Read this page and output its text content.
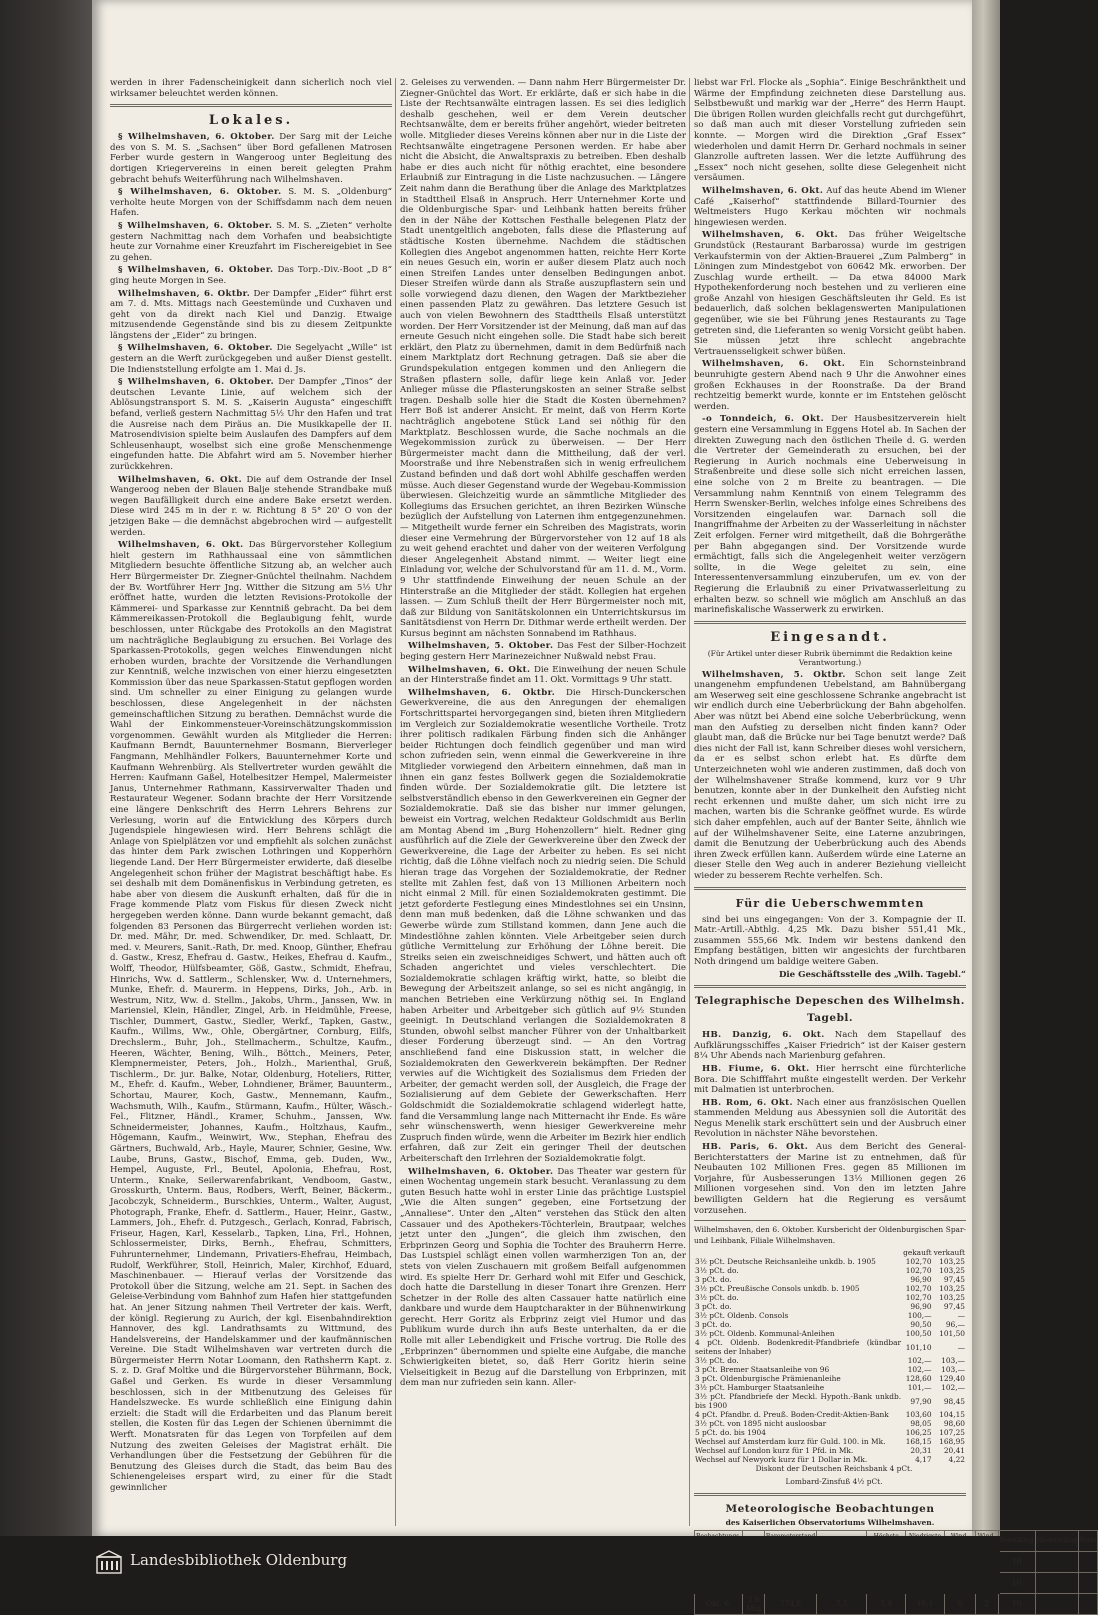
werden in ihrer Fadenscheinigkeit dann sicherlich noch viel wirksamer beleuchtet werden können.

Lokales.

§ Wilhelmshaven, 6. Oktober. Der Sarg mit der Leiche des von S. M. S. „Sachsen“ über Bord gefallenen Matrosen Ferber wurde gestern in Wangeroog unter Begleitung des dortigen Kriegervereins in einen bereit gelegten Prahm gebracht behufs Weiterführung nach Wilhelmshaven.

§ Wilhelmshaven, 6. Oktober. S. M. S. „Oldenburg“ verholte heute Morgen von der Schiffsdamm nach dem neuen Hafen.

§ Wilhelmshaven, 6. Oktober. S. M. S. „Zieten“ verholte gestern Nachmittag nach dem Vorhafen und beabsichtigte heute zur Vornahme einer Kreuzfahrt im Fischereigebiet in See zu gehen.

§ Wilhelmshaven, 6. Oktober. Das Torp.-Div.-Boot „D 8“ ging heute Morgen in See.

Wilhelmshaven, 6. Oktbr. Der Dampfer „Eider“ führt erst am 7. d. Mts. Mittags nach Geestemünde und Cuxhaven und geht von da direkt nach Kiel und Danzig. Etwaige mitzusendende Gegenstände sind bis zu diesem Zeitpunkte längstens der „Eider“ zu bringen.

§ Wilhelmshaven, 6. Oktober. Die Segelyacht „Wille“ ist gestern an die Werft zurückgegeben und außer Dienst gestellt. Die Indienststellung erfolgte am 1. Mai d. Js.

§ Wilhelmshaven, 6. Oktober. Der Dampfer „Tinos“ der deutschen Levante Linie, auf welchem sich der Ablösungstransport S. M. S. „Kaiserin Augusta“ eingeschifft befand, verließ gestern Nachmittag 5½ Uhr den Hafen und trat die Ausreise nach dem Piräus an. Die Musikkapelle der II. Matrosendivision spielte beim Auslaufen des Dampfers auf dem Schleusenhaupt, woselbst sich eine große Menschenmenge eingefunden hatte. Die Abfahrt wird am 5. November hierher zurückkehren.

Wilhelmshaven, 6. Okt. Die auf dem Ostrande der Insel Wangeroog neben der Blauen Balje stehende Strandbake muß wegen Baufälligkeit durch eine andere Bake ersetzt werden. Diese wird 245 m in der r. w. Richtung 8 5° 20' O von der jetzigen Bake — die demnächst abgebrochen wird — aufgestellt werden.

Wilhelmshaven, 6. Okt. Das Bürgervorsteher Kollegium hielt gestern im Rathhaussaal eine von sämmtlichen Mitgliedern besuchte öffentliche Sitzung ab, an welcher auch Herr Bürgermeister Dr. Ziegner-Gnüchtel theilnahm. Nachdem der Bv. Wortführer Herr Jng. Witther die Sitzung am 5½ Uhr eröffnet hatte, wurden die letzten Revisions-Protokolle der Kämmerei- und Sparkasse zur Kenntniß gebracht. Da bei dem Kämmereikassen-Protokoll die Beglaubigung fehlt, wurde beschlossen, unter Rückgabe des Protokolls an den Magistrat um nachträgliche Beglaubigung zu ersuchen. Bei Vorlage des Sparkassen-Protokolls, gegen welches Einwendungen nicht erhoben wurden, brachte der Vorsitzende die Verhandlungen zur Kenntniß, welche inzwischen von einer hierzu eingesetzten Kommission über das neue Sparkassen-Statut gepflogen worden sind. Um schneller zu einer Einigung zu gelangen wurde beschlossen, diese Angelegenheit in der nächsten gemeinschaftlichen Sitzung zu berathen. Demnächst wurde die Wahl der Einkommensteuer-Voreinschätzungskommission vorgenommen. Gewählt wurden als Mitglieder die Herren: Kaufmann Berndt, Bauunternehmer Bosmann, Bierverleger Fangmann, Mehlhändler Folkers, Bauunternehmer Korte und Kaufmann Wehrenbürg. Als Stellvertreter wurden gewählt die Herren: Kaufmann Gaßel, Hotelbesitzer Hempel, Malermeister Janus, Unternehmer Rathmann, Kassirverwalter Thaden und Restaurateur Wegener. Sodann brachte der Herr Vorsitzende eine längere Denkschrift des Herrn Lehrers Behrens zur Verlesung, worin auf die Entwicklung des Körpers durch Jugendspiele hingewiesen wird. Herr Behrens schlägt die Anlage von Spielplätzen vor und empfiehlt als solchen zunächst das hinter dem Park zwischen Lothringen und Kopperhörn liegende Land. Der Herr Bürgermeister erwiderte, daß dieselbe Angelegenheit schon früher der Magistrat beschäftigt habe. Es sei deshalb mit dem Domänenfiskus in Verbindung getreten, es habe aber von diesem die Auskunft erhalten, daß für die in Frage kommende Platz vom Fiskus für diesen Zweck nicht hergegeben werden könne. Dann wurde bekannt gemacht, daß folgenden 83 Personen das Bürgerrecht verliehen worden ist: Dr. med. Mähr, Dr. med. Schwendiker, Dr. med. Schlaatt, Dr. med. v. Meurers, Sanit.-Rath, Dr. med. Knoop, Günther, Ehefrau d. Gastw., Kresz, Ehefrau d. Gastw., Heikes, Ehefrau d. Kaufm., Wolff, Theodor, Hülfsbeamter, Göß, Gastw., Schmidt, Ehefrau, Hinrichs, Ww. d. Sattlerm., Schlensker, Ww. d. Unternehmers, Munke, Ehefr. d. Maurerm. in Heppens, Dirks, Joh., Arb. in Westrum, Nitz, Ww. d. Stellm., Jakobs, Uhrm., Janssen, Ww. in Mariensiel, Klein, Händler, Zingel, Arb. in Heidmühle, Freese, Tischler, Dummert, Gastw., Siedler, Werkf., Tapken, Gastw., Kaufm., Willms, Ww., Ohle, Obergärtner, Cornburg, Eilfs, Drechslerm., Buhr, Joh., Stellmacherm., Schultze, Kaufm., Heeren, Wächter, Bening, Wilh., Böttch., Meiners, Peter, Klempnermeister, Peters, Joh., Holzh., Marienthal, Gruß, Tischlerm., Dr. jur. Balke, Notar, Oldenburg, Hoteliers, Ritter, M., Ehefr. d. Kaufm., Weber, Lohndiener, Brämer, Bauunterm., Schortau, Maurer, Koch, Gastw., Mennemann, Kaufm., Wachsmuth, Wilh., Kaufm., Stürmann, Kaufm., Hülter, Wäsch.-Fel., Flitzner, Händl., Kramer, Schuhm., Janssen, Ww. Schneidermeister, Johannes, Kaufm., Holtzhaus, Kaufm., Högemann, Kaufm., Weinwirt, Ww., Stephan, Ehefrau des Gärtners, Buchwald, Arb., Hayle, Maurer, Schnier, Gesine, Ww. Laube, Bruns, Gastw., Bischof, Emma, geb. Duden, Ww., Hempel, Auguste, Frl., Beutel, Apolonia, Ehefrau, Rost, Unterm., Knake, Seilerwarenfabrikant, Vendboom, Gastw., Grosskurth, Unterm. Baus, Rodbers, Werft, Beiner, Bäckerm., Jacobczyk, Schneiderm., Burschkies, Unterm., Walter, August, Photograph, Franke, Ehefr. d. Sattlerm., Hauer, Heinr., Gastw., Lammers, Joh., Ehefr. d. Putzgesch., Gerlach, Konrad, Fabrisch, Friseur, Hagen, Karl, Kesselarb., Tapken, Lina, Frl., Hohnen, Schlossermeister, Dirks, Bernh., Ehefrau, Schmitters, Fuhrunternehmer, Lindemann, Privatiers-Ehefrau, Heimbach, Rudolf, Werkführer, Stoll, Heinrich, Maler, Kirchhof, Eduard, Maschinenbauer. — Hierauf verlas der Vorsitzende das Protokoll über die Sitzung, welche am 21. Sept. in Sachen des Geleise-Verbindung vom Bahnhof zum Hafen hier stattgefunden hat. An jener Sitzung nahmen Theil Vertreter der kais. Werft, der königl. Regierung zu Aurich, der kgl. Eisenbahndirektion Hannover, des kgl. Landrathsamts zu Wittmund, des Handelsvereins, der Handelskammer und der kaufmännischen Vereine. Die Stadt Wilhelmshaven war vertreten durch die Bürgermeister Herrn Notar Loomann, den Rathsherrn Kapt. z. S. z. D. Graf Moltke und die Bürgervorsteher Bührmann, Bock, Gaßel und Gerken. Es wurde in dieser Versammlung beschlossen, sich in der Mitbenutzung des Geleises für Handelszwecke. Es wurde schließlich eine Einigung dahin erzielt: die Stadt will die Erdarbeiten und das Planum bereit stellen, die Kosten für das Legen der Schienen übernimmt die Werft. Monatsraten für das Legen von Torpfeilen auf dem Nutzung des zweiten Geleises der Magistrat erhält. Die Verhandlungen über die Festsetzung der Gebühren für die Benutzung des Gleises durch die Stadt, das beim Bau des Schienengeleises erspart wird, zu einer für die Stadt gewinnlicher

2. Geleises zu verwenden. — Dann nahm Herr Bürgermeister Dr. Ziegner-Gnüchtel das Wort. Er erklärte, daß er sich habe in die Liste der Rechtsanwälte eintragen lassen. Es sei dies lediglich deshalb geschehen, weil er dem Verein deutscher Rechtsanwälte, dem er bereits früher angehört, wieder beitreten wolle. Mitglieder dieses Vereins können aber nur in die Liste der Rechtsanwälte eingetragene Personen werden. Er habe aber nicht die Absicht, die Anwaltspraxis zu betreiben. Eben deshalb habe er dies auch nicht für nöthig erachtet, eine besondere Erlaubniß zur Eintragung in die Liste nachzusuchen. — Längere Zeit nahm dann die Berathung über die Anlage des Marktplatzes in Stadttheil Elsaß in Anspruch. Herr Unternehmer Korte und die Oldenburgische Spar- und Leihbank hatten bereits früher den in der Nähe der Kottschen Festhalle belegenen Platz der Stadt unentgeltlich angeboten, falls diese die Pflasterung auf städtische Kosten übernehme. Nachdem die städtischen Kollegien dies Angebot angenommen hatten, reichte Herr Korte ein neues Gesuch ein, worin er außer diesem Platz auch noch einen Streifen Landes unter denselben Bedingungen anbot. Dieser Streifen würde dann als Straße auszupflastern sein und solle vorwiegend dazu dienen, den Wagen der Marktbezieher einen passenden Platz zu gewähren. Das letztere Gesuch ist auch von vielen Bewohnern des Stadttheils Elsaß unterstützt worden. Der Herr Vorsitzender ist der Meinung, daß man auf das erneute Gesuch nicht eingehen solle. Die Stadt habe sich bereit erklärt, den Platz zu übernehmen, damit in dem Bedürfniß nach einem Marktplatz dort Rechnung getragen. Daß sie aber die Grundspekulation entgegen kommen und den Anliegern die Straßen pflastern solle, dafür liege kein Anlaß vor. Jeder Anlieger müsse die Pflasterungskosten an seiner Straße selbst tragen. Deshalb solle hier die Stadt die Kosten übernehmen? Herr Boß ist anderer Ansicht. Er meint, daß von Herrn Korte nachträglich angebotene Stück Land sei nöthig für den Marktplatz. Beschlossen wurde, die Sache nochmals an die Wegekommission zurück zu überweisen. — Der Herr Bürgermeister macht dann die Mittheilung, daß der verl. Moorstraße und ihre Nebenstraßen sich in wenig erfreulichem Zustand befinden und daß dort wohl Abhilfe geschaffen werden müsse. Auch dieser Gegenstand wurde der Wegebau-Kommission überwiesen. Gleichzeitig wurde an sämmtliche Mitglieder des Kollegiums das Ersuchen gerichtet, an ihren Bezirken Wünsche bezüglich der Aufstellung von Laternen ihm entgegenzunehmen. — Mitgetheilt wurde ferner ein Schreiben des Magistrats, worin dieser eine Vermehrung der Bürgervorsteher von 12 auf 18 als zu weit gehend erachtet und daher von der weiteren Verfolgung dieser Angelegenheit Abstand nimmt. — Weiter liegt eine Einladung vor, welche der Schulvorstand für am 11. d. M., Vorm. 9 Uhr stattfindende Einweihung der neuen Schule an der Hinterstraße an die Mitglieder der städt. Kollegien hat ergehen lassen. — Zum Schluß theilt der Herr Bürgermeister noch mit, daß zur Bildung von Sanitätskolonnen ein Unterrichtskursus im Sanitätsdienst von Herrn Dr. Dithmar werde ertheilt werden. Der Kursus beginnt am nächsten Sonnabend im Rathhaus.

Wilhelmshaven, 5. Oktober. Das Fest der Silber-Hochzeit beging gestern Herr Marinezeichner Nußwald nebst Frau.

Wilhelmshaven, 6. Okt. Die Einweihung der neuen Schule an der Hinterstraße findet am 11. Okt. Vormittags 9 Uhr statt.

Wilhelmshaven, 6. Oktbr. Die Hirsch-Dunckerschen Gewerkvereine, die aus den Anregungen der ehemaligen Fortschrittspartei hervorgegangen sind, bieten ihren Mitgliedern im Vergleich zur Sozialdemokratie wesentliche Vortheile. Trotz ihrer politisch radikalen Färbung finden sich die Anhänger beider Richtungen doch feindlich gegenüber und man wird schon zufrieden sein, wenn einmal die Gewerkvereine in ihre Mitglieder vorwiegend den Arbeitern einnehmen, daß man in ihnen ein ganz festes Bollwerk gegen die Sozialdemokratie finden würde. Der Sozialdemokratie gilt. Die letztere ist selbstverständlich ebenso in den Gewerkvereinen ein Gegner der Sozialdemokratie. Daß sie das bisher nur immer gelungen, beweist ein Vortrag, welchen Redakteur Goldschmidt aus Berlin am Montag Abend im „Burg Hohenzollern“ hielt. Redner ging ausführlich auf die Ziele der Gewerkvereine über den Zweck der Gewerkvereine, die Lage der Arbeiter zu heben. Es sei nicht richtig, daß die Löhne vielfach noch zu niedrig seien. Die Schuld hieran trage das Vorgehen der Sozialdemokratie, der Redner stellte mit Zahlen fest, daß von 13 Millionen Arbeitern noch nicht einmal 2 Mill. für einen Sozialdemokraten gestimmt. Die jetzt geforderte Festlegung eines Mindestlohnes sei ein Unsinn, denn man muß bedenken, daß die Löhne schwanken und das Gewerbe würde zum Stillstand kommen, dann Jene auch die Mindestlöhne zahlen könnten. Viele Arbeitgeber seien durch gütliche Vermittelung zur Erhöhung der Löhne bereit. Die Streiks seien ein zweischneidiges Schwert, und hätten auch oft Schaden angerichtet und vieles verschlechtert. Die Sozialdemokratie schlagen kräftig wirkt, hatte, so bleibt die Bewegung der Arbeitszeit anlange, so sei es nicht angängig, in manchen Betrieben eine Verkürzung nöthig sei. In England haben Arbeiter und Arbeitgeber sich gütlich auf 9½ Stunden geeinigt. In Deutschland verlangen die Sozialdemokraten 8 Stunden, obwohl selbst mancher Führer von der Unhaltbarkeit dieser Forderung überzeugt sind. — An den Vortrag anschließend fand eine Diskussion statt, in welcher die Sozialdemokraten den Gewerkverein bekämpften. Der Redner verwies auf die Wichtigkeit des Sozialismus dem Frieden der Arbeiter, der gemacht werden soll, der Ausgleich, die Frage der Sozialisierung auf dem Gebiete der Gewerkschaften. Herr Goldschmidt die Sozialdemokratie schlagend widerlegt hatte, fand die Versammlung lange nach Mitternacht ihr Ende. Es wäre sehr wünschenswerth, wenn hiesiger Gewerkvereine mehr Zuspruch finden würde, wenn die Arbeiter im Bezirk hier endlich erfahren, daß zur Zeit ein geringer Theil der deutschen Arbeiterschaft den Irrlehren der Sozialdemokratie folgt.

Wilhelmshaven, 6. Oktober. Das Theater war gestern für einen Wochentag ungemein stark besucht. Veranlassung zu dem guten Besuch hatte wohl in erster Linie das prächtige Lustspiel „Wie die Alten sungen“ gegeben, eine Fortsetzung der „Annaliese“. Unter den „Alten“ verstehen das Stück den alten Cassauer und des Apothekers-Töchterlein, Brautpaar, welches jetzt unter den „Jungen“, die gleich ihm zwischen, den Erbprinzen Georg und Sophia die Tochter des Brauherrn Herre. Das Lustspiel schlägt einen vollen warmherzigen Ton an, der stets von vielen Zuschauern mit großem Beifall aufgenommen wird. Es spielte Herr Dr. Gerhard wohl mit Eifer und Geschick, doch hatte die Darstellung in dieser Tonart ihre Grenzen. Herr Schetzer in der Rolle des alten Cassauer hatte natürlich eine dankbare und wurde dem Hauptcharakter in der Bühnenwirkung gerecht. Herr Goritz als Erbprinz zeigt viel Humor und das Publikum wurde durch ihn aufs Beste unterhalten, da er die Rolle mit aller Lebendigkeit und Frische vortrug. Die Rolle des „Erbprinzen“ übernommen und spielte eine Aufgabe, die manche Schwierigkeiten bietet, so, daß Herr Goritz hierin seine Vielseitigkeit in Bezug auf die Darstellung von Erbprinzen, mit dem man nur zufrieden sein kann. Aller-

liebst war Frl. Flocke als „Sophia“. Einige Beschränktheit und Wärme der Empfindung zeichneten diese Darstellung aus. Selbstbewußt und markig war der „Herre“ des Herrn Haupt. Die übrigen Rollen wurden gleichfalls recht gut durchgeführt, so daß man auch mit dieser Vorstellung zufrieden sein konnte. — Morgen wird die Direktion „Graf Essex“ wiederholen und damit Herrn Dr. Gerhard nochmals in seiner Glanzrolle auftreten lassen. Wer die letzte Aufführung des „Essex“ noch nicht gesehen, sollte diese Gelegenheit nicht versäumen.

Wilhelmshaven, 6. Okt. Auf das heute Abend im Wiener Café „Kaiserhof“ stattfindende Billard-Tournier des Weltmeisters Hugo Kerkau möchten wir nochmals hingewiesen werden.

Wilhelmshaven, 6. Okt. Das früher Weigeltsche Grundstück (Restaurant Barbarossa) wurde im gestrigen Verkaufstermin von der Aktien-Brauerei „Zum Palmberg“ in Löningen zum Mindestgebot von 60642 Mk. erworben. Der Zuschlag wurde ertheilt. — Da etwa 84000 Mark Hypothekenforderung noch bestehen und zu verlieren eine große Anzahl von hiesigen Geschäftsleuten ihr Geld. Es ist bedauerlich, daß solchen beklagenswerten Manipulationen gegenüber, wie sie bei Führung jenes Restaurants zu Tage getreten sind, die Lieferanten so wenig Vorsicht geübt haben. Sie müssen jetzt ihre schlecht angebrachte Vertrauensseligkeit schwer büßen.

Wilhelmshaven, 6. Okt. Ein Schornsteinbrand beunruhigte gestern Abend nach 9 Uhr die Anwohner eines großen Eckhauses in der Roonstraße. Da der Brand rechtzeitig bemerkt wurde, konnte er im Entstehen gelöscht werden.

-o Tonndeich, 6. Okt. Der Hausbesitzerverein hielt gestern eine Versammlung in Eggens Hotel ab. In Sachen der direkten Zuwegung nach den östlichen Theile d. G. werden die Vertreter der Gemeinderath zu ersuchen, bei der Regierung in Aurich nochmals eine Ueberweisung in Straßenbreite und diese solle sich nicht erreichen lassen, eine solche von 2 m Breite zu beantragen. — Die Versammlung nahm Kenntniß von einem Telegramm des Herrn Swensker-Berlin, welches infolge eines Schreibens des Vorsitzenden eingelaufen war. Darnach soll die Inangriffnahme der Arbeiten zu der Wasserleitung in nächster Zeit erfolgen. Ferner wird mitgetheilt, daß die Bohrgeräthe per Bahn abgegangen sind. Der Vorsitzende wurde ermächtigt, falls sich die Angelegenheit weiter verzögern sollte, in die Wege geleitet zu sein, eine Interessentenversammlung einzuberufen, um ev. von der Regierung die Erlaubniß zu einer Privatwasserleitung zu erhalten bezw. so schnell wie möglich am Anschluß an das marinefiskalische Wasserwerk zu erwirken.

Eingesandt.
(Für Artikel unter dieser Rubrik übernimmt die Redaktion keine Verantwortung.)

Wilhelmshaven, 5. Oktbr. Schon seit lange Zeit unangenehm empfundenen Uebelstand, am Bahnübergang am Weserweg seit eine geschlossene Schranke angebracht ist wir endlich durch eine Ueberbrückung der Bahn abgeholfen. Aber was nützt bei Abend eine solche Ueberbrückung, wenn man den Aufstieg zu derselben nicht finden kann? Oder glaubt man, daß die Brücke nur bei Tage benutzt werde? Daß dies nicht der Fall ist, kann Schreiber dieses wohl versichern, da er es selbst schon erlebt hat. Es dürfte dem Unterzeichneten wohl wie anderen zustimmen, daß doch von der Wilhelmshavener Straße kommend, kurz vor 9 Uhr benutzen, konnte aber in der Dunkelheit den Aufstieg nicht recht erkennen und mußte daher, um sich nicht irre zu machen, warten bis die Schranke geöffnet wurde. Es würde sich daher empfehlen, auch auf der Banter Seite, ähnlich wie auf der Wilhelmshavener Seite, eine Laterne anzubringen, damit die Benutzung der Ueberbrückung auch des Abends ihren Zweck erfüllen kann. Außerdem würde eine Laterne an dieser Stelle den Weg auch in anderer Beziehung vielleicht wieder zu besserem Rechte verhelfen. Sch.

Für die Ueberschwemmten

sind bei uns eingegangen: Von der 3. Kompagnie der II. Matr.-Artill.-Abthlg. 4,25 Mk. Dazu bisher 551,41 Mk., zusammen 555,66 Mk. Indem wir bestens dankend den Empfang bestätigen, bitten wir angesichts der furchtbaren Noth dringend um baldige weitere Gaben.

Die Geschäftsstelle des „Wilh. Tagebl.“

Telegraphische Depeschen des Wilhelmsh. Tagebl.

HB. Danzig, 6. Okt. Nach dem Stapellauf des Aufklärungsschiffes „Kaiser Friedrich“ ist der Kaiser gestern 8¼ Uhr Abends nach Marienburg gefahren.

HB. Fiume, 6. Okt. Hier herrscht eine fürchterliche Bora. Die Schifffahrt mußte eingestellt werden. Der Verkehr mit Dalmatien ist unterbrochen.

HB. Rom, 6. Okt. Nach einer aus französischen Quellen stammenden Meldung aus Abessynien soll die Autorität des Negus Menelik stark erschüttert sein und der Ausbruch einer Revolution in nächster Nähe bevorstehen.

HB. Paris, 6. Okt. Aus dem Bericht des General-Berichterstatters der Marine ist zu entnehmen, daß für Neubauten 102 Millionen Fres. gegen 85 Millionen im Vorjahre, für Ausbesserungen 13½ Millionen gegen 26 Millionen vorgesehen sind. Von den im letzten Jahre bewilligten Geldern hat die Regierung es versäumt vorzusehen.

Wilhelmshaven, den 6. Oktober. Kursbericht der Oldenburgischen Spar- und Leihbank, Filiale Wilhelmshaven.

	gekauft	verkauft
3½ pCt. Deutsche Reichsanleihe unkdb. b. 1905	102,70	103,25
3½ pCt. do.	102,70	103,25
3 pCt. do.	96,90	97,45
3½ pCt. Preußische Consols unkdb. b. 1905	102,70	103,25
3½ pCt. do.	102,70	103,25
3 pCt. do.	96,90	97,45
3½ pCt. Oldenb. Consols	100,—	—
3 pCt. do.	90,50	96,—
3½ pCt. Oldenb. Kommunal-Anleihen	100,50	101,50
4 pCt. Oldenb. Bodenkredit-Pfandbriefe (kündbar seitens der Inhaber)	101,10	—
3½ pCt. do.	102,—	103,—
3 pCt. Bremer Staatsanleihe von 96	102,—	103,—
3 pCt. Oldenburgische Prämienanleihe	128,60	129,40
3½ pCt. Hamburger Staatsanleihe	101,—	102,—
3½ pCt. Pfandbriefe der Meckl. Hypoth.-Bank unkdb. bis 1900	97,90	98,45
4 pCt. Pfandbr. d. Preuß. Boden-Credit-Aktien-Bank	103,60	104,15
3½ pCt. von 1895 nicht ausloosbar	98,05	98,60
5 pCt. do. bis 1904	106,25	107,25
Wechsel auf Amsterdam kurz für Guld. 100. in Mk.	168,15	168,95
Wechsel auf London kurz für 1 Pfd. in Mk.	20,31	20,41
Wechsel auf Newyork kurz für 1 Dollar in Mk.	4,17	4,22

Diskont der Deutschen Reichsbank 4 pCt.

Lombard-Zinsfuß 4½ pCt.

Meteorologische Beobachtungen
des Kaiserlichen Observatoriums Wilhelmshaven.
								Bewölkung	Niederschlag	Form
								10		
								10		
Okt. 6.	2 h Mtg	774,8	7,5	5,9	10,1	S	2	10		
Landesbibliothek Oldenburg
